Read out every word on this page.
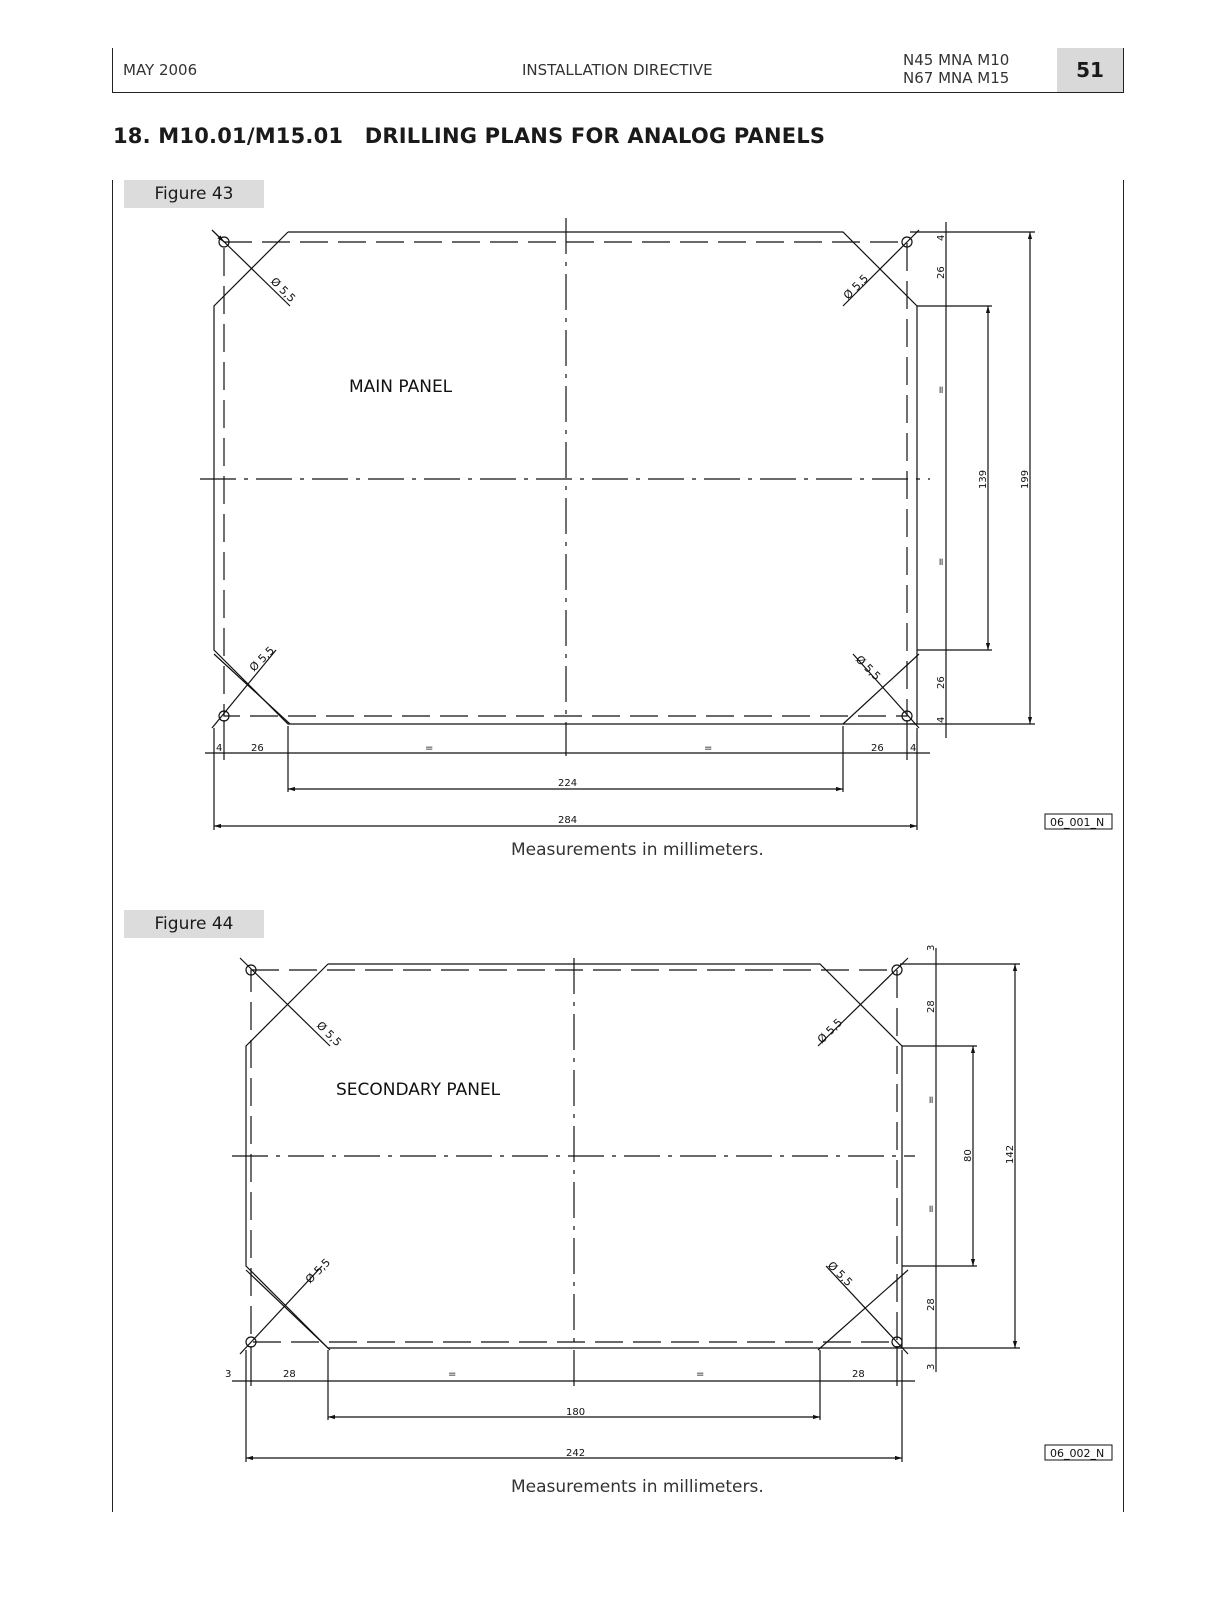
MAY 2006	INSTALLATION DIRECTIVE
N45 MNA M10
N67 MNA M15	51
18. M10.01/M15.01 DRILLING PLANS FOR ANALOG PANELS
Figure 43
Ø 5,5	Ø 5,5
Ø 5,5	Ø 5,5
MAIN PANEL
4	26	=	=	26	4
224
284
4
26
=
=
26
4
139	199
06_001_N
Measurements in millimeters.
Figure 44
Ø 5,5	Ø 5,5
Ø 5,5	Ø 5,5
SECONDARY PANEL
3	28	=	=	28
180
242
3
28
=
=
28
3
80	142
06_002_N
Measurements in millimeters.
